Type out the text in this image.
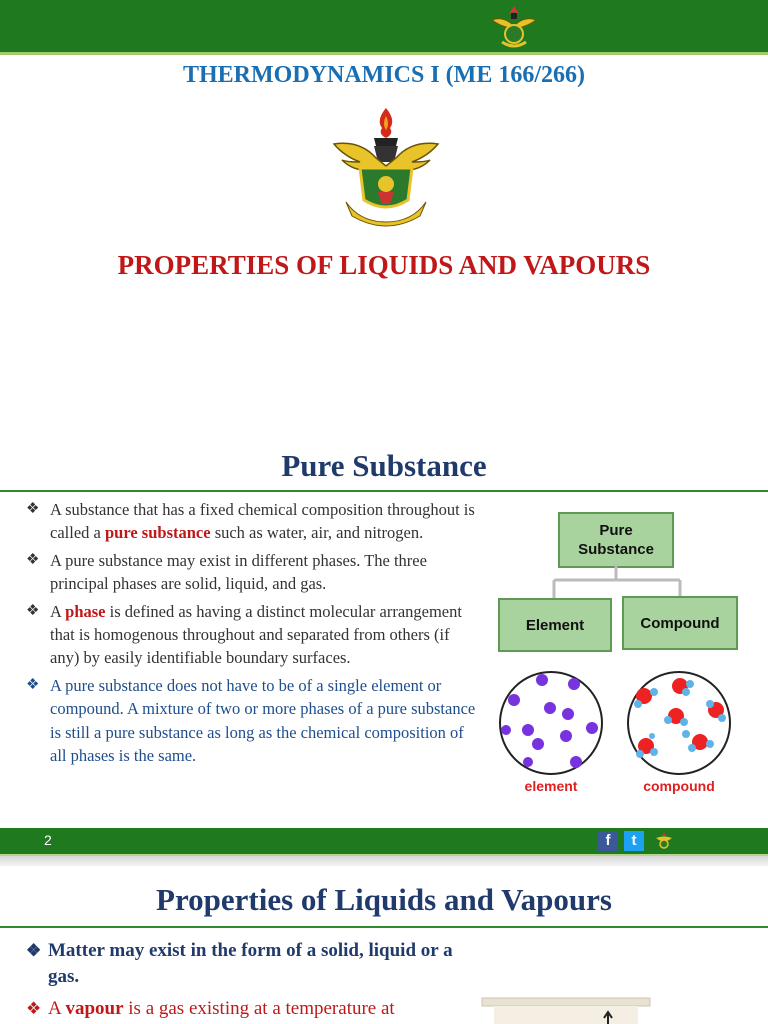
THERMODYNAMICS I (ME 166/266)
PROPERTIES OF LIQUIDS AND VAPOURS
Pure Substance
❖ A substance that has a fixed chemical composition throughout is called a pure substance such as water, air, and nitrogen.
❖ A pure substance may exist in different phases. The three principal phases are solid, liquid, and gas.
❖ A phase is defined as having a distinct molecular arrangement that is homogenous throughout and separated from others (if any) by easily identifiable boundary surfaces.
❖ A pure substance does not have to be of a single element or compound. A mixture of two or more phases of a pure substance is still a pure substance as long as the chemical composition of all phases is the same.
Pure
Substance
Element	Compound
element	compound
2	f	t
Properties of Liquids and Vapours
❖ Matter may exist in the form of a solid, liquid or a gas.
❖ A vapour is a gas existing at a temperature at
